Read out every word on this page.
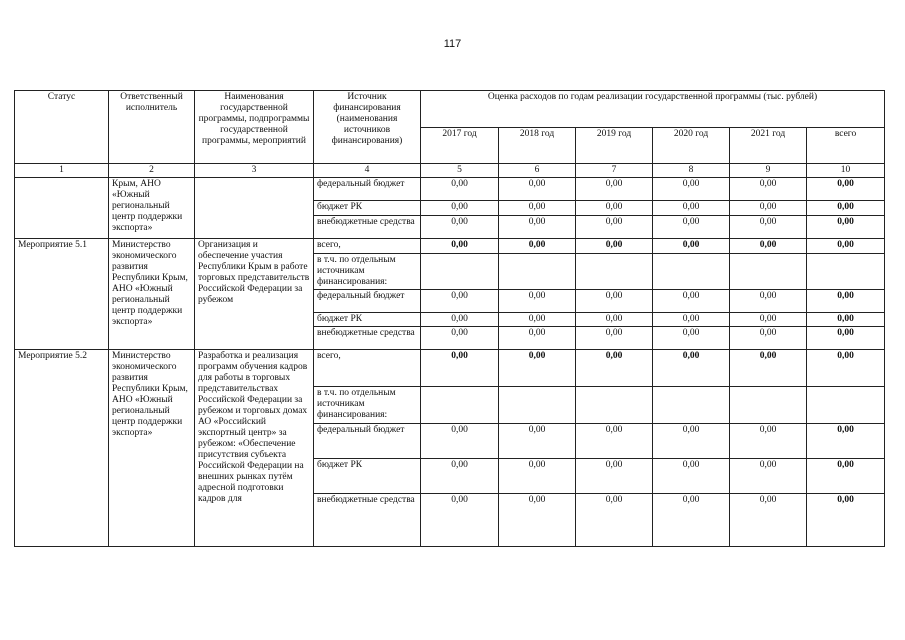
117
Статус	Ответственный исполнитель	Наименования государственной программы, подпрограммы государственной программы, мероприятий	Источник финансирования (наименования источников финансирования)	Оценка расходов по годам реализации государственной программы (тыс. рублей)					
				2017 год	2018 год	2019 год	2020 год	2021 год	всего
1	2	3	4	5	6	7	8	9	10
	Крым, АНО «Южный региональный центр поддержки экспорта»		федеральный бюджет	0,00	0,00	0,00	0,00	0,00	0,00
			бюджет РК	0,00	0,00	0,00	0,00	0,00	0,00
			внебюджетные средства	0,00	0,00	0,00	0,00	0,00	0,00
Мероприятие 5.1	Министерство экономического развития Республики Крым, АНО «Южный региональный центр поддержки экспорта»	Организация и обеспечение участия Республики Крым в работе торговых представительств Российской Федерации за рубежом	всего,	0,00	0,00	0,00	0,00	0,00	0,00
			в т.ч. по отдельным источникам финансирования:						
			федеральный бюджет	0,00	0,00	0,00	0,00	0,00	0,00
			бюджет РК	0,00	0,00	0,00	0,00	0,00	0,00
			внебюджетные средства	0,00	0,00	0,00	0,00	0,00	0,00
Мероприятие 5.2	Министерство экономического развития Республики Крым, АНО «Южный региональный центр поддержки экспорта»	Разработка и реализация программ обучения кадров для работы в торговых представительствах Российской Федерации за рубежом и торговых домах АО «Российский экспортный центр» за рубежом: «Обеспечение присутствия субъекта Российской Федерации на внешних рынках путём адресной подготовки кадров для	всего,	0,00	0,00	0,00	0,00	0,00	0,00
			в т.ч. по отдельным источникам финансирования:						
			федеральный бюджет	0,00	0,00	0,00	0,00	0,00	0,00
			бюджет РК	0,00	0,00	0,00	0,00	0,00	0,00
			внебюджетные средства	0,00	0,00	0,00	0,00	0,00	0,00
